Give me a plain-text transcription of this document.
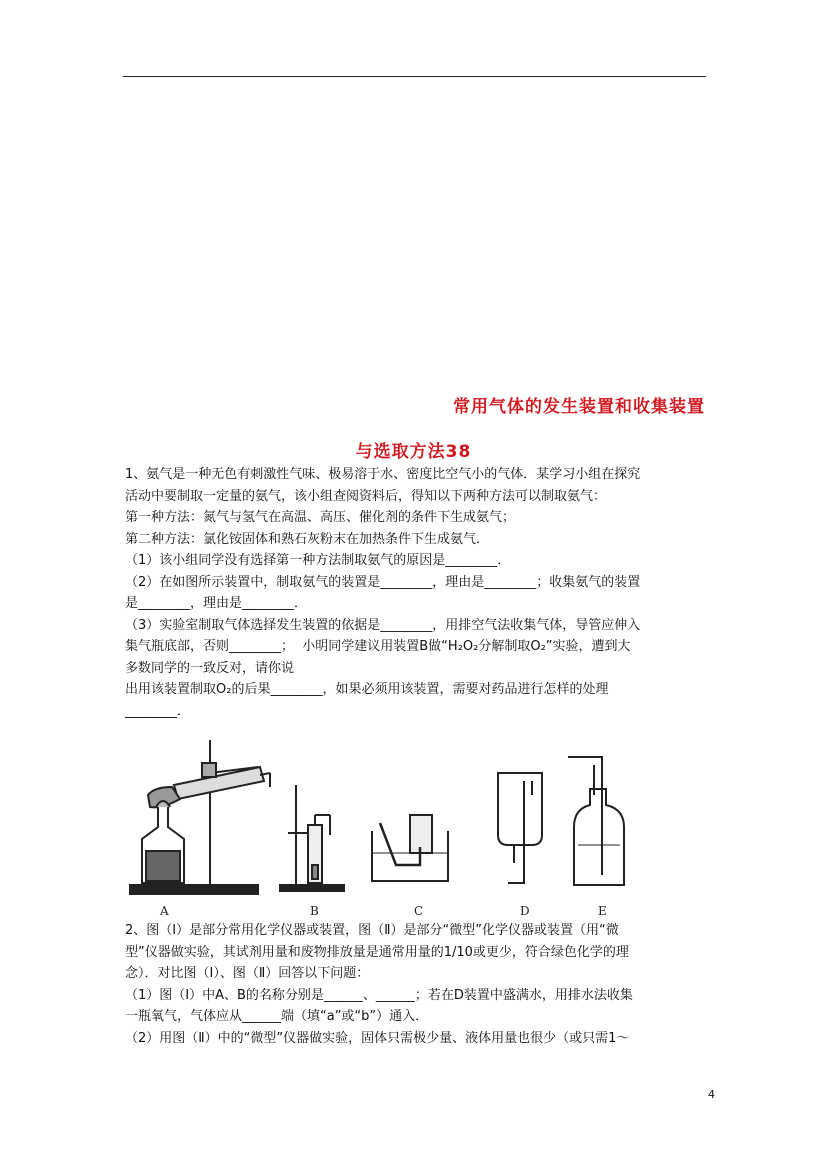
常用气体的发生装置和收集装置
与选取方法38

1、氨气是一种无色有刺激性气味、极易溶于水、密度比空气小的气体．某学习小组在探究

活动中要制取一定量的氨气，该小组查阅资料后，得知以下两种方法可以制取氨气：

第一种方法：氮气与氢气在高温、高压、催化剂的条件下生成氨气；

第二种方法：氯化铵固体和熟石灰粉末在加热条件下生成氨气．

（1）该小组同学没有选择第一种方法制取氨气的原因是________．

（2）在如图所示装置中，制取氨气的装置是________，理由是________；收集氨气的装置

是________，理由是________．

（3）实验室制取气体选择发生装置的依据是________，用排空气法收集气体，导管应伸入

集气瓶底部，否则________；  小明同学建议用装置B做“H₂O₂分解制取O₂”实验，遭到大

多数同学的一致反对，请你说

出用该装置制取O₂的后果________，如果必须用该装置，需要对药品进行怎样的处理

________．

A	B	C	D	E

2、图（Ⅰ）是部分常用化学仪器或装置，图（Ⅱ）是部分“微型”化学仪器或装置（用“微

型”仪器做实验，其试剂用量和废物排放量是通常用量的1/10或更少，符合绿色化学的理

念）．对比图（Ⅰ）、图（Ⅱ）回答以下问题：

（1）图（Ⅰ）中A、B的名称分别是______、______；若在D装置中盛满水，用排水法收集

一瓶氧气，气体应从______端（填“a”或“b”）通入．

（2）用图（Ⅱ）中的“微型”仪器做实验，固体只需极少量、液体用量也很少（或只需1～

4
